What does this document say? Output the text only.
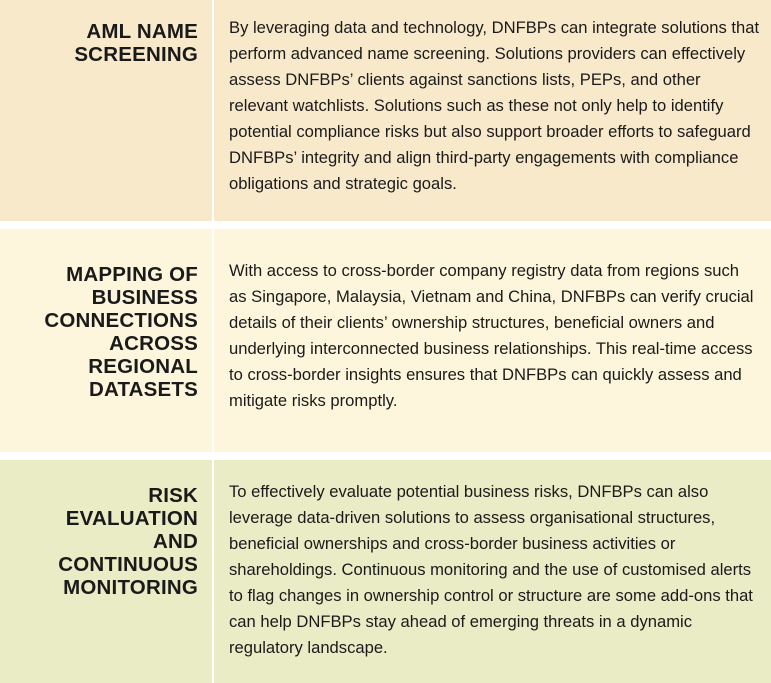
AML NAME
SCREENING
By leveraging data and technology, DNFBPs can integrate solutions that perform advanced name screening. Solutions providers can effectively assess DNFBPs’ clients against sanctions lists, PEPs, and other relevant watchlists. Solutions such as these not only help to identify potential compliance risks but also support broader efforts to safeguard DNFBPs’ integrity and align third-party engagements with compliance obligations and strategic goals.
MAPPING OF
BUSINESS
CONNECTIONS
ACROSS
REGIONAL
DATASETS
With access to cross-border company registry data from regions such as Singapore, Malaysia, Vietnam and China, DNFBPs can verify crucial details of their clients’ ownership structures, beneficial owners and underlying interconnected business relationships. This real-time access to cross-border insights ensures that DNFBPs can quickly assess and mitigate risks promptly.
RISK
EVALUATION
AND
CONTINUOUS
MONITORING
To effectively evaluate potential business risks, DNFBPs can also leverage data-driven solutions to assess organisational structures, beneficial ownerships and cross-border business activities or shareholdings. Continuous monitoring and the use of customised alerts to flag changes in ownership control or structure are some add-ons that can help DNFBPs stay ahead of emerging threats in a dynamic regulatory landscape.
